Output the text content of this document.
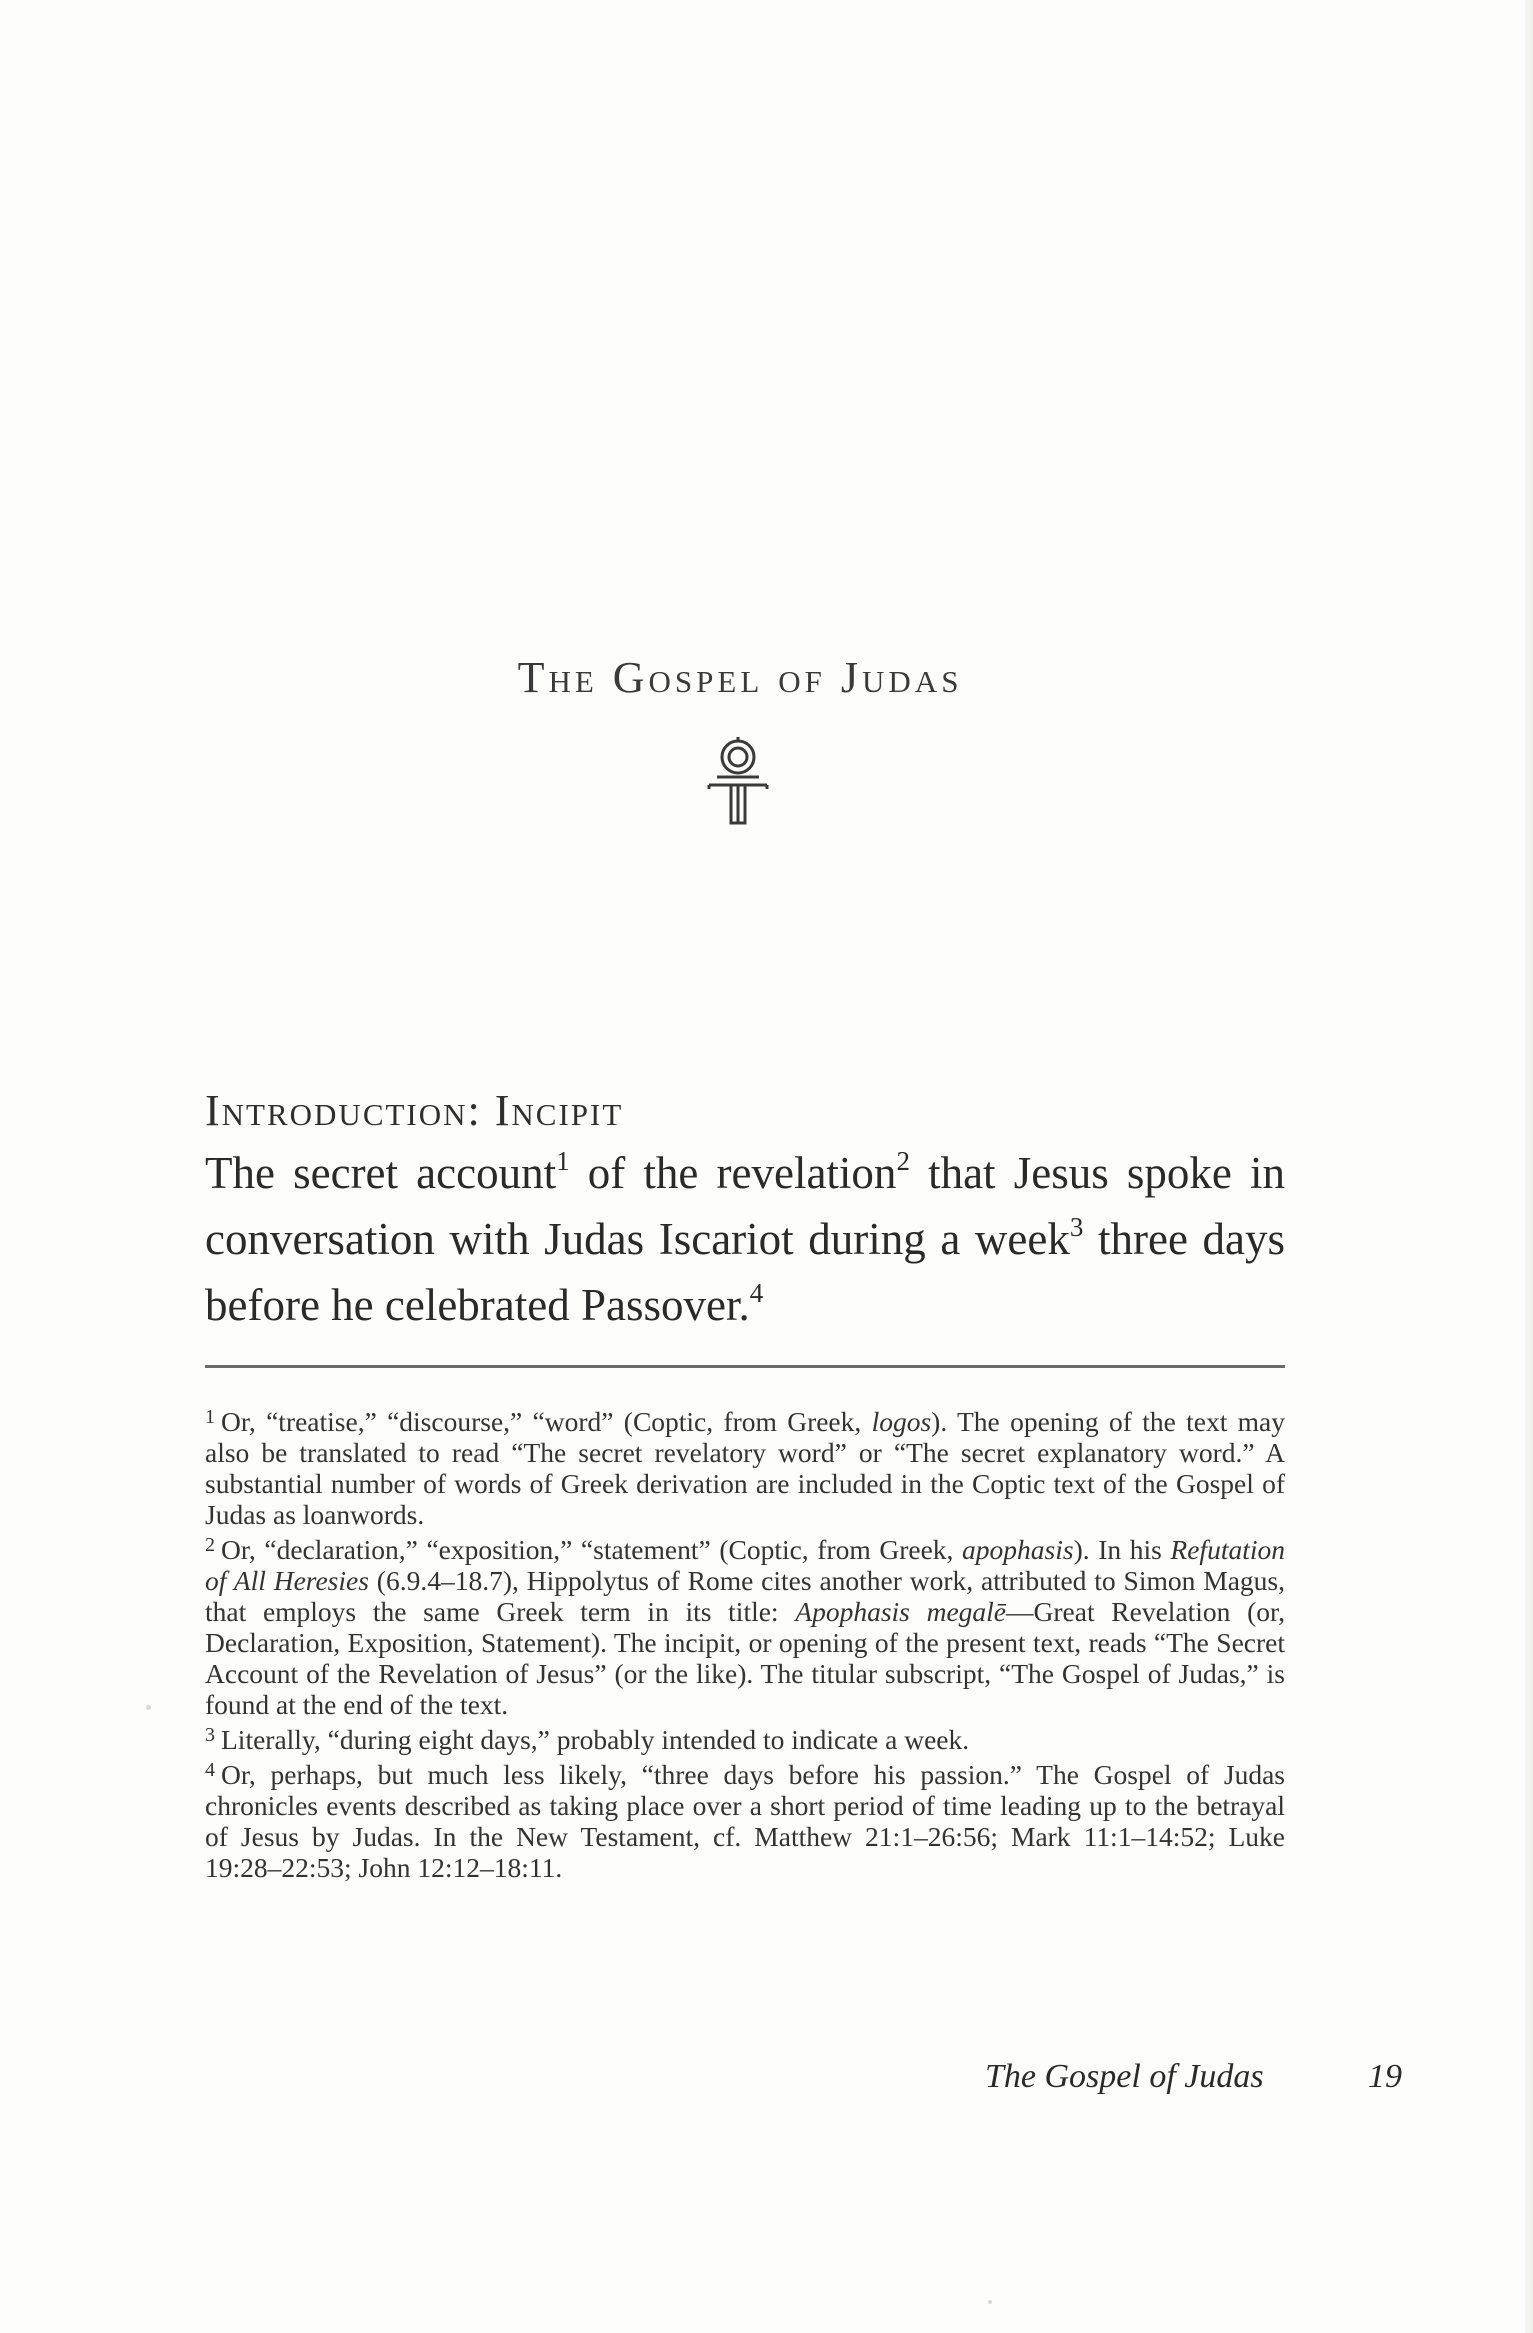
The Gospel of Judas
Introduction: Incipit
The secret account$^1$ of the revelation$^2$ that Jesus spoke in conversation with Judas Iscariot during a week$^3$ three days before he celebrated Passover.$^4$

$^1$ Or, “treatise,” “discourse,” “word” (Coptic, from Greek, logos). The opening of the text may also be translated to read “The secret revelatory word” or “The secret explanatory word.” A substantial number of words of Greek derivation are included in the Coptic text of the Gospel of Judas as loanwords.

$^2$ Or, “declaration,” “exposition,” “statement” (Coptic, from Greek, apophasis). In his Refutation of All Heresies (6.9.4–18.7), Hippolytus of Rome cites another work, attributed to Simon Magus, that employs the same Greek term in its title: Apophasis megalē—Great Revelation (or, Declaration, Exposition, Statement). The incipit, or opening of the present text, reads “The Secret Account of the Revelation of Jesus” (or the like). The titular subscript, “The Gospel of Judas,” is found at the end of the text.

$^3$ Literally, “during eight days,” probably intended to indicate a week.

$^4$ Or, perhaps, but much less likely, “three days before his passion.” The Gospel of Judas chronicles events described as taking place over a short period of time leading up to the betrayal of Jesus by Judas. In the New Testament, cf. Matthew 21:1–26:56; Mark 11:1–14:52; Luke 19:28–22:53; John 12:12–18:11.

The Gospel of Judas	19
